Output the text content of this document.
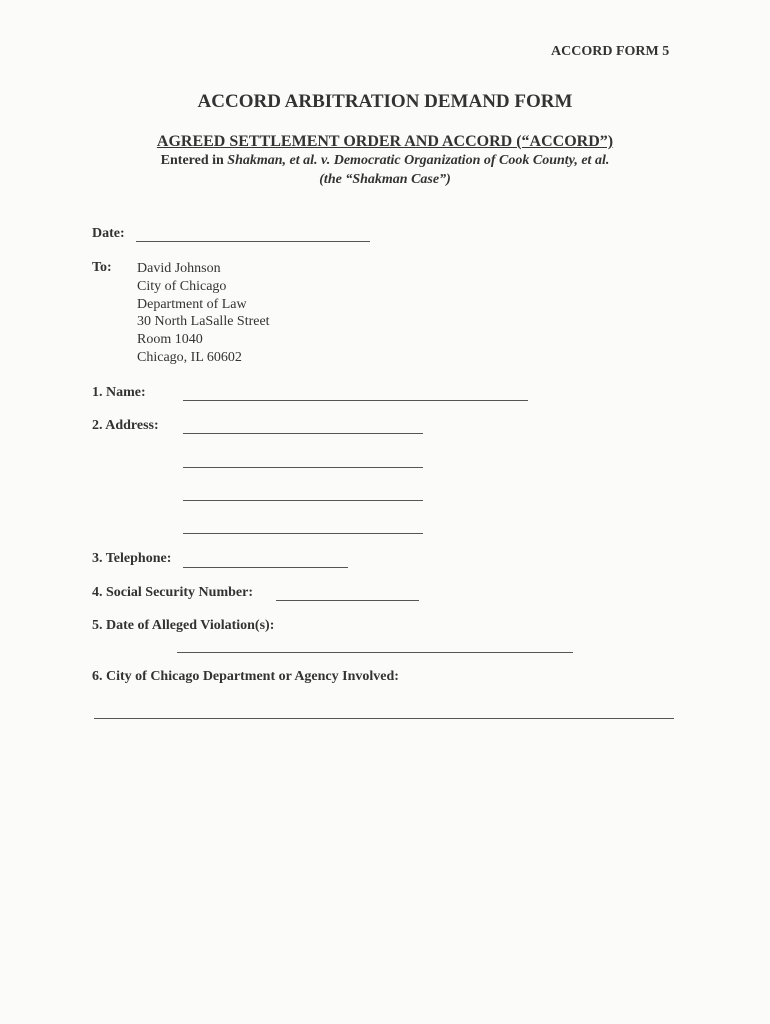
ACCORD FORM 5
ACCORD ARBITRATION DEMAND FORM
AGREED SETTLEMENT ORDER AND ACCORD (“ACCORD”)
Entered in Shakman, et al. v. Democratic Organization of Cook County, et al.
(the “Shakman Case”)
Date:
To: David Johnson
City of Chicago
Department of Law
30 North LaSalle Street
Room 1040
Chicago, IL 60602
1. Name:
2. Address:
3. Telephone:
4. Social Security Number:
5. Date of Alleged Violation(s):
6. City of Chicago Department or Agency Involved:
